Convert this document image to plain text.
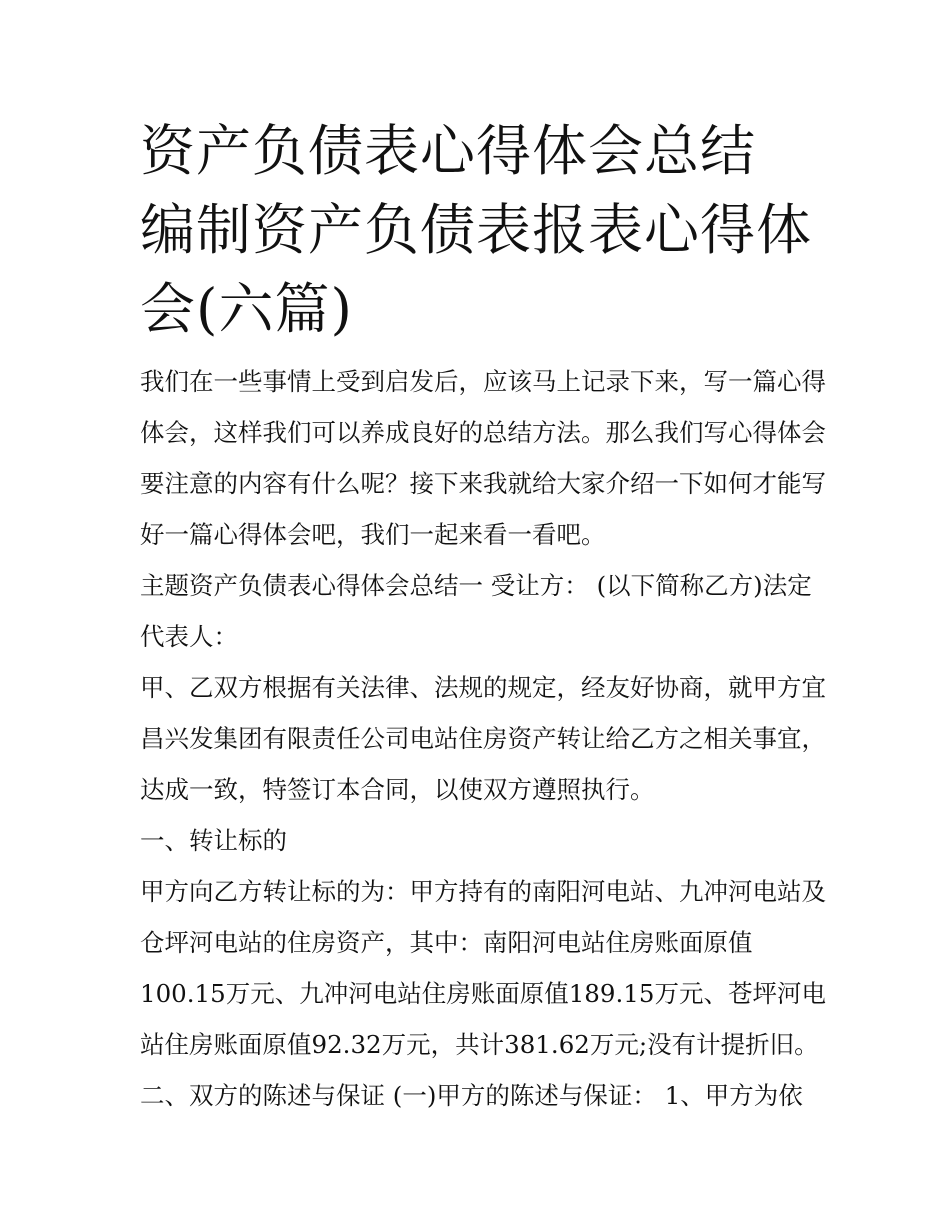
资产负债表心得体会总结 编制资产负债表报表心得体会(六篇)

我们在一些事情上受到启发后，应该马上记录下来，写一篇心得体会，这样我们可以养成良好的总结方法。那么我们写心得体会要注意的内容有什么呢？接下来我就给大家介绍一下如何才能写好一篇心得体会吧，我们一起来看一看吧。

主题资产负债表心得体会总结一 受让方： (以下简称乙方)法定代表人：

甲、乙双方根据有关法律、法规的规定，经友好协商，就甲方宜昌兴发集团有限责任公司电站住房资产转让给乙方之相关事宜，达成一致，特签订本合同，以使双方遵照执行。

一、转让标的

甲方向乙方转让标的为：甲方持有的南阳河电站、九冲河电站及仓坪河电站的住房资产，其中：南阳河电站住房账面原值100.15万元、九冲河电站住房账面原值189.15万元、苍坪河电站住房账面原值92.32万元，共计381.62万元;没有计提折旧。

二、双方的陈述与保证 (一)甲方的陈述与保证： 1、甲方为依
